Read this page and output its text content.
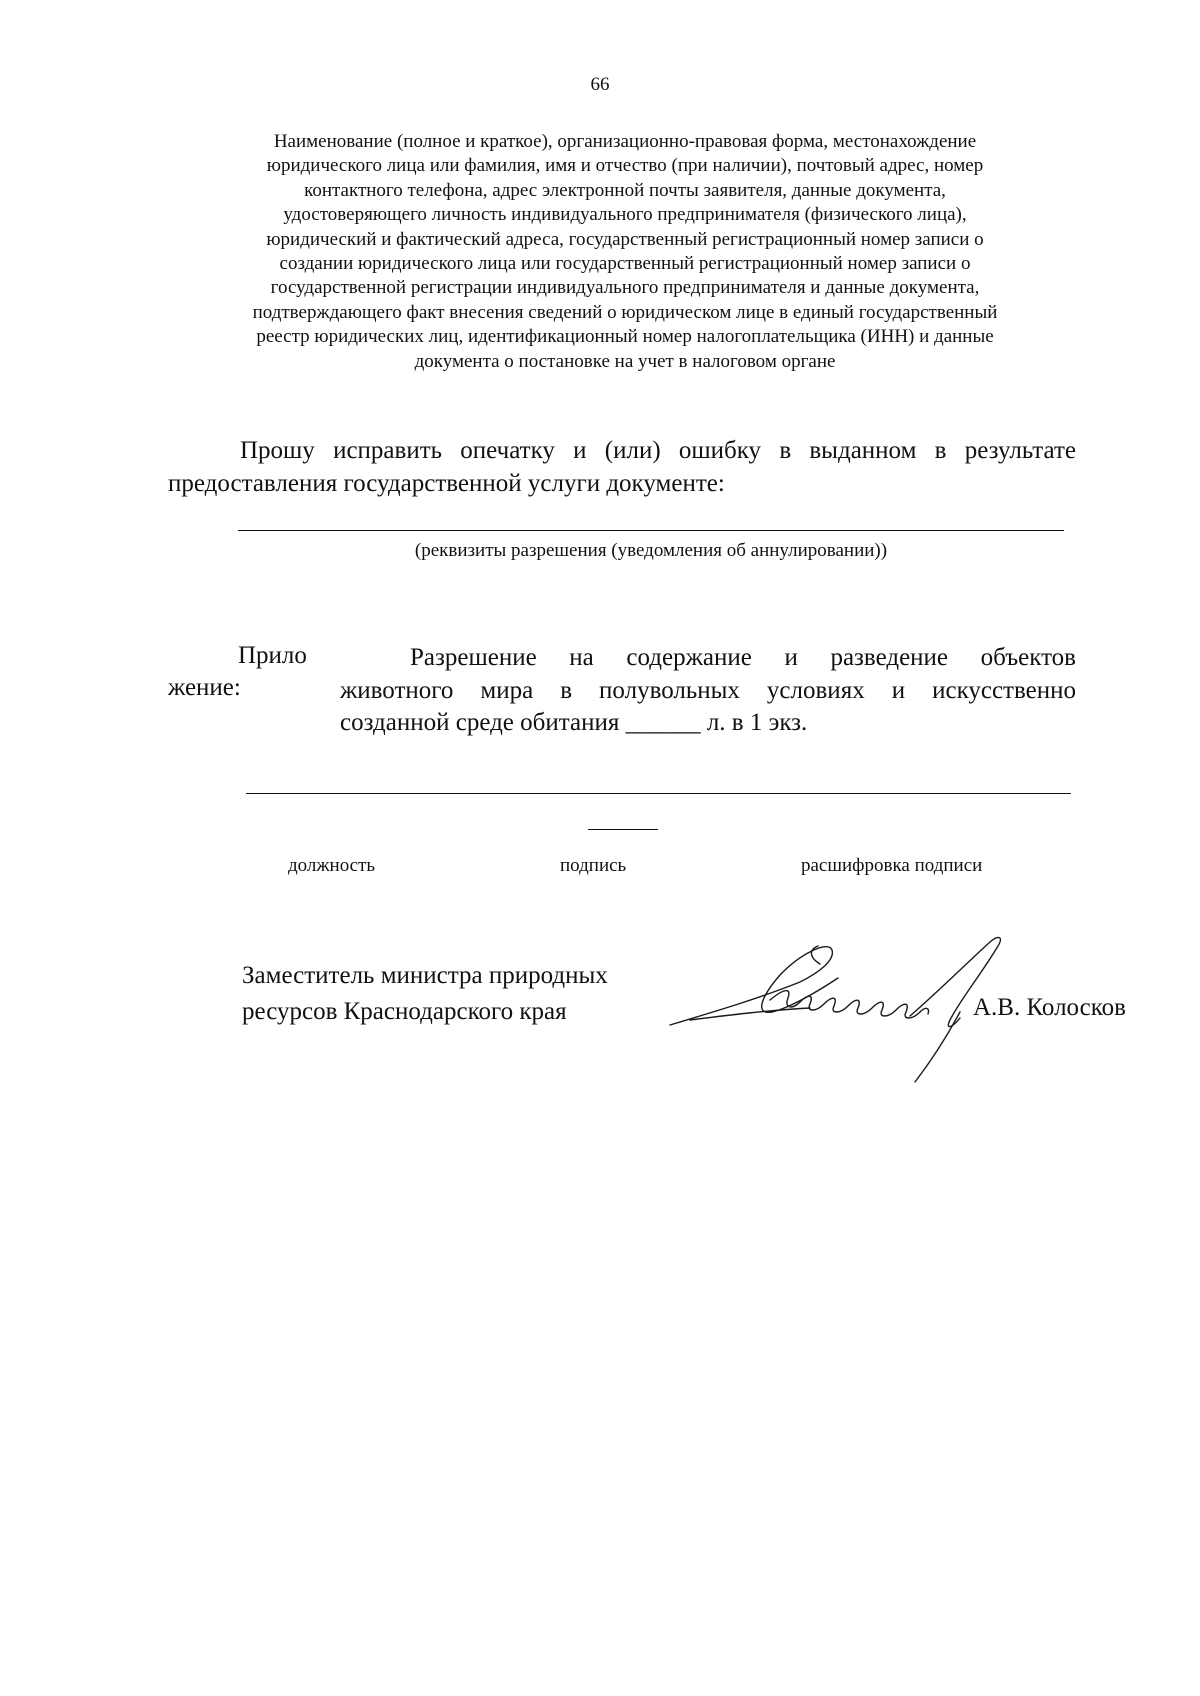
66
Наименование (полное и краткое), организационно-правовая форма, местонахождение
юридического лица или фамилия, имя и отчество (при наличии), почтовый адрес, номер
контактного телефона, адрес электронной почты заявителя, данные документа,
удостоверяющего личность индивидуального предпринимателя (физического лица),
юридический и фактический адреса, государственный регистрационный номер записи о
создании юридического лица или государственный регистрационный номер записи о
государственной регистрации индивидуального предпринимателя и данные документа,
подтверждающего факт внесения сведений о юридическом лице в единый государственный
реестр юридических лиц, идентификационный номер налогоплательщика (ИНН) и данные
документа о постановке на учет в налоговом органе
Прошу исправить опечатку и (или) ошибку в выданном в результате
предоставления государственной услуги документе:
(реквизиты разрешения (уведомления об аннулировании))
Прило
жение:
Разрешение на содержание и разведение объектов
животного мира в полувольных условиях и искусственно
созданной среде обитания ______ л. в 1 экз.
должность	подпись	расшифровка подписи
Заместитель министра природных
ресурсов Краснодарского края	А.В. Колосков
